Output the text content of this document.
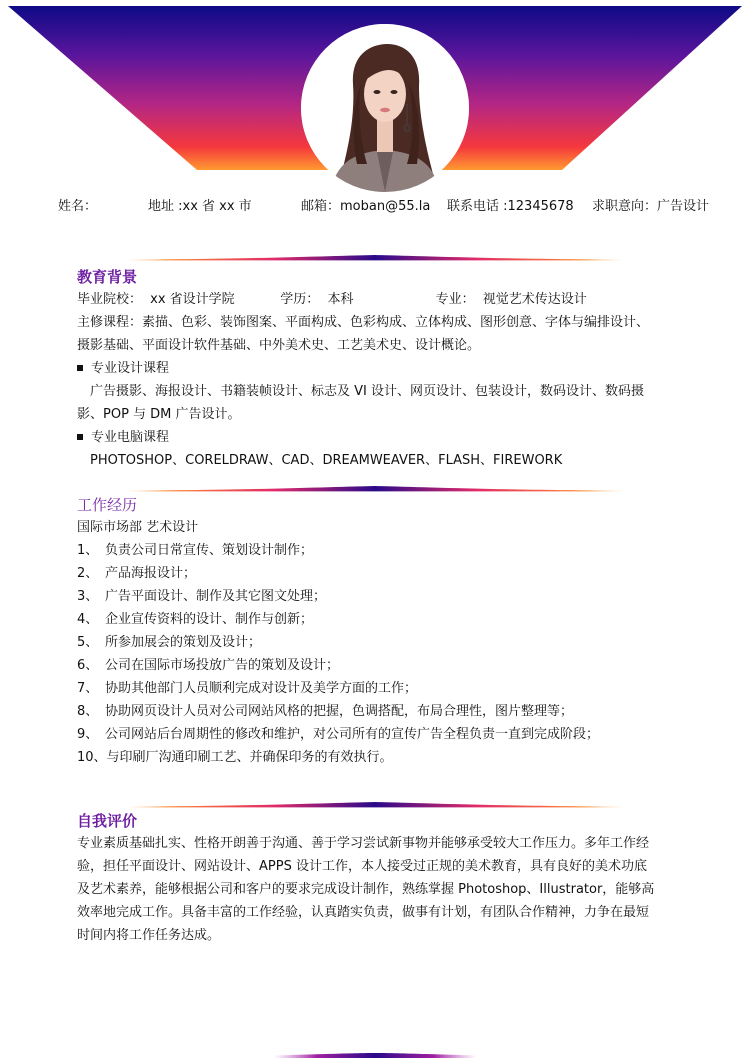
姓名：	地址 :xx 省 xx 市	邮箱：moban@55.la 联系电话 :12345678 求职意向：广告设计
教育背景
毕业院校： xx 省设计学院	学历： 本科	专业： 视觉艺术传达设计
主修课程：素描、色彩、装饰图案、平面构成、色彩构成、立体构成、图形创意、字体与编排设计、
摄影基础、平面设计软件基础、中外美术史、工艺美术史、设计概论。
专业设计课程
广告摄影、海报设计、书籍装帧设计、标志及 VI 设计、网页设计、包装设计，数码设计、数码摄
影、POP 与 DM 广告设计。
专业电脑课程
PHOTOSHOP、CORELDRAW、CAD、DREAMWEAVER、FLASH、FIREWORK
工作经历
国际市场部 艺术设计
1、 负责公司日常宣传、策划设计制作；
2、 产品海报设计；
3、 广告平面设计、制作及其它图文处理；
4、 企业宣传资料的设计、制作与创新；
5、 所参加展会的策划及设计；
6、 公司在国际市场投放广告的策划及设计；
7、 协助其他部门人员顺利完成对设计及美学方面的工作；
8、 协助网页设计人员对公司网站风格的把握，色调搭配，布局合理性，图片整理等；
9、 公司网站后台周期性的修改和维护，对公司所有的宣传广告全程负责一直到完成阶段；
10、与印刷厂沟通印刷工艺、并确保印务的有效执行。
自我评价
专业素质基础扎实、性格开朗善于沟通、善于学习尝试新事物并能够承受较大工作压力。多年工作经
验，担任平面设计、网站设计、APPS 设计工作，本人接受过正规的美术教育，具有良好的美术功底
及艺术素养，能够根据公司和客户的要求完成设计制作，熟练掌握 Photoshop、Illustrator，能够高
效率地完成工作。具备丰富的工作经验，认真踏实负责，做事有计划，有团队合作精神，力争在最短
时间内将工作任务达成。
